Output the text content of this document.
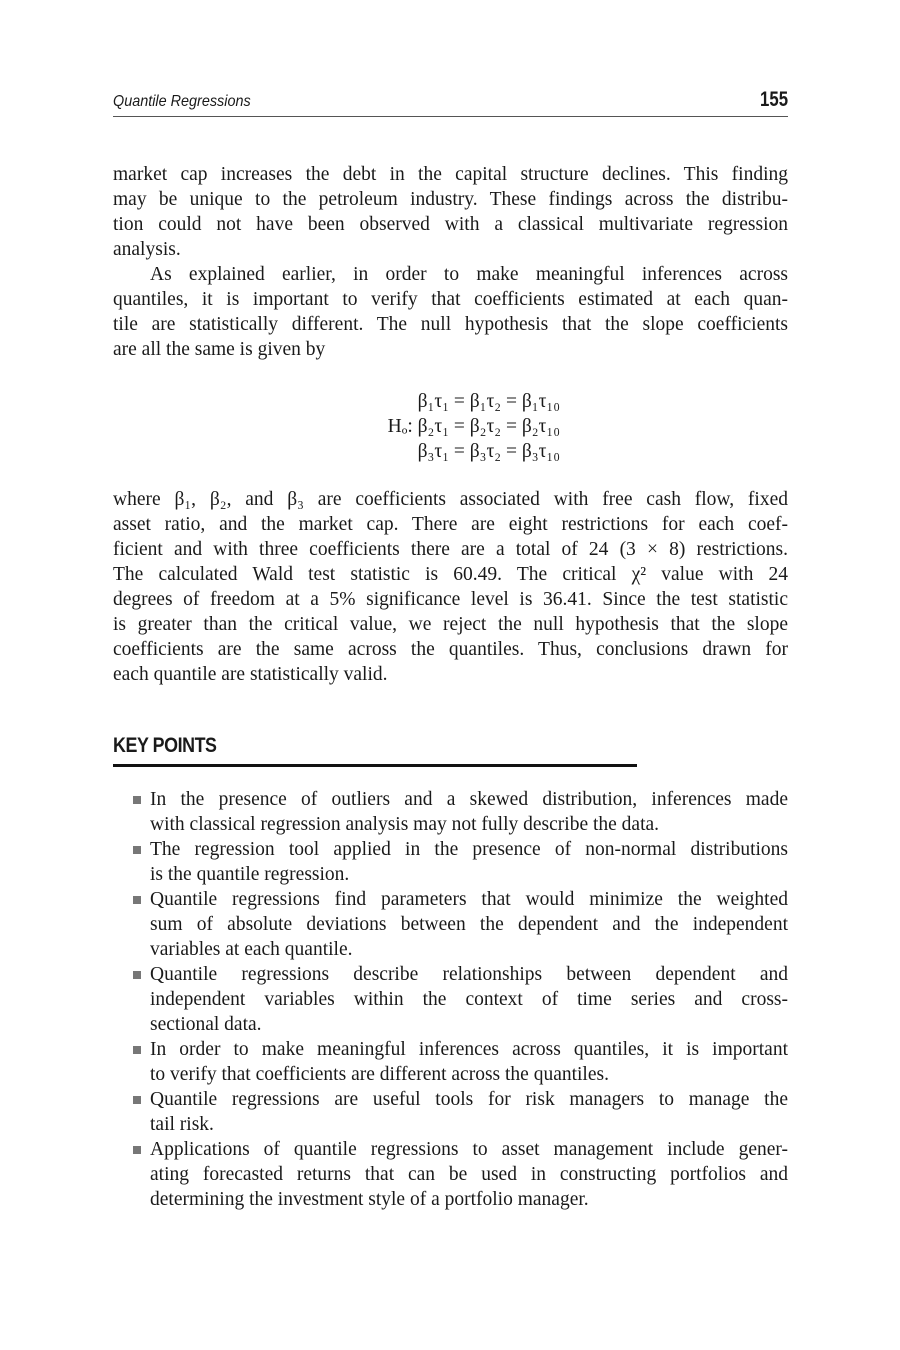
Quantile Regressions	155
market cap increases the debt in the capital structure declines. This finding
may be unique to the petroleum industry. These findings across the distribu-
tion could not have been observed with a classical multivariate regression
analysis.
As explained earlier, in order to make meaningful inferences across
quantiles, it is important to verify that coefficients estimated at each quan-
tile are statistically different. The null hypothesis that the slope coefficients
are all the same is given by
β₁τ₁ = β₁τ₂ = β₁τ₁₀
Hₒ: β₂τ₁ = β₂τ₂ = β₂τ₁₀
β₃τ₁ = β₃τ₂ = β₃τ₁₀
where β₁, β₂, and β₃ are coefficients associated with free cash flow, fixed
asset ratio, and the market cap. There are eight restrictions for each coef-
ficient and with three coefficients there are a total of 24 (3 × 8) restrictions.
The calculated Wald test statistic is 60.49. The critical χ² value with 24
degrees of freedom at a 5% significance level is 36.41. Since the test statistic
is greater than the critical value, we reject the null hypothesis that the slope
coefficients are the same across the quantiles. Thus, conclusions drawn for
each quantile are statistically valid.
KEY POINTS
In the presence of outliers and a skewed distribution, inferences made
with classical regression analysis may not fully describe the data.
The regression tool applied in the presence of non-normal distributions
is the quantile regression.
Quantile regressions find parameters that would minimize the weighted
sum of absolute deviations between the dependent and the independent
variables at each quantile.
Quantile regressions describe relationships between dependent and
independent variables within the context of time series and cross-
sectional data.
In order to make meaningful inferences across quantiles, it is important
to verify that coefficients are different across the quantiles.
Quantile regressions are useful tools for risk managers to manage the
tail risk.
Applications of quantile regressions to asset management include gener-
ating forecasted returns that can be used in constructing portfolios and
determining the investment style of a portfolio manager.
